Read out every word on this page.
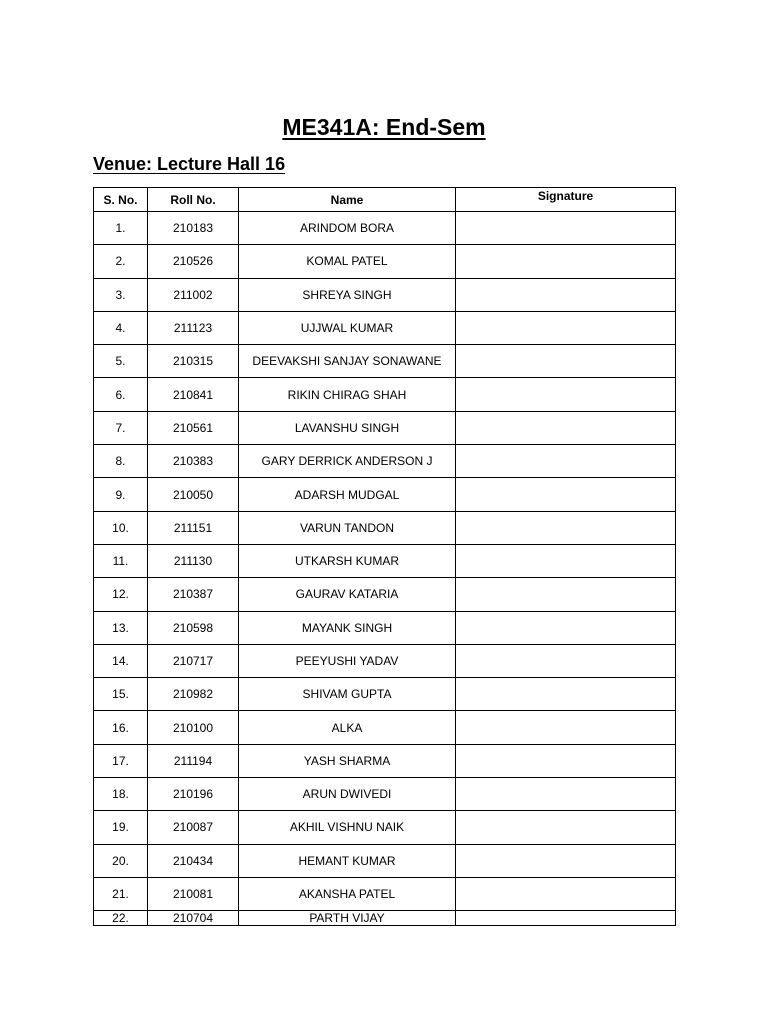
ME341A: End-Sem
Venue: Lecture Hall 16
S. No.	Roll No.	Name	Signature
1.	210183	ARINDOM BORA	
2.	210526	KOMAL PATEL	
3.	211002	SHREYA SINGH	
4.	211123	UJJWAL KUMAR	
5.	210315	DEEVAKSHI SANJAY SONAWANE	
6.	210841	RIKIN CHIRAG SHAH	
7.	210561	LAVANSHU SINGH	
8.	210383	GARY DERRICK ANDERSON J	
9.	210050	ADARSH MUDGAL	
10.	211151	VARUN TANDON	
11.	211130	UTKARSH KUMAR	
12.	210387	GAURAV KATARIA	
13.	210598	MAYANK SINGH	
14.	210717	PEEYUSHI YADAV	
15.	210982	SHIVAM GUPTA	
16.	210100	ALKA	
17.	211194	YASH SHARMA	
18.	210196	ARUN DWIVEDI	
19.	210087	AKHIL VISHNU NAIK	
20.	210434	HEMANT KUMAR	
21.	210081	AKANSHA PATEL	
22.	210704	PARTH VIJAY	
